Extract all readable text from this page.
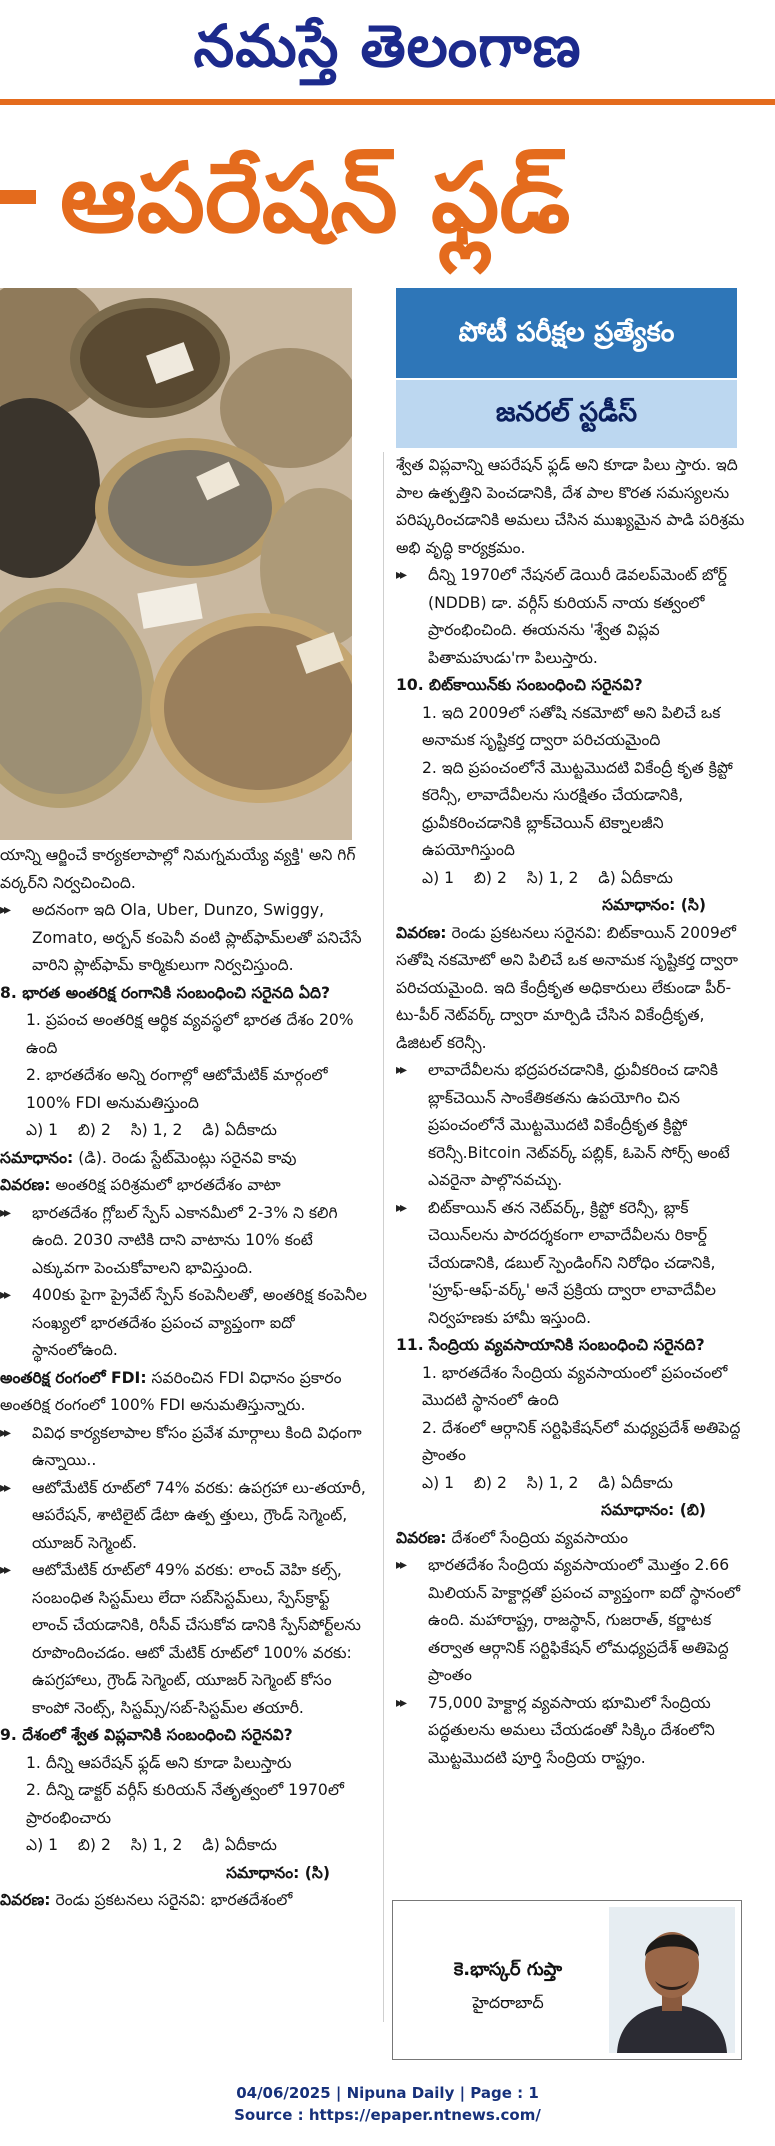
నమస్తే తెలంగాణ
ఆపరేషన్ ఫ్లడ్
పోటీ పరీక్షల ప్రత్యేకం
జనరల్ స్టడీస్

యాన్ని ఆర్జించే కార్యకలాపాల్లో నిమగ్నమయ్యే వ్యక్తి' అని గిగ్ వర్కర్‌ని నిర్వచించింది.

▸▸ అదనంగా ఇది Ola, Uber, Dunzo, Swiggy, Zomato, అర్బన్ కంపెనీ వంటి ప్లాట్‌ఫామ్‌లతో పనిచేసే వారిని ప్లాట్‌ఫామ్ కార్మికులుగా నిర్వచిస్తుంది.

8. భారత అంతరిక్ష రంగానికి సంబంధించి సరైనది ఏది?

1. ప్రపంచ అంతరిక్ష ఆర్థిక వ్యవస్థలో భారత దేశం 20% ఉంది

2. భారతదేశం అన్ని రంగాల్లో ఆటోమేటిక్ మార్గంలో 100% FDI అనుమతిస్తుంది

ఎ) 1    బి) 2    సి) 1, 2    డి) ఏదీకాదు

సమాధానం: (డి). రెండు స్టేట్‌మెంట్లు సరైనవి కావు

వివరణ: అంతరిక్ష పరిశ్రమలో భారతదేశం వాటా

▸▸ భారతదేశం గ్లోబల్ స్పేస్ ఎకానమీలో 2-3% ని కలిగి ఉంది. 2030 నాటికి దాని వాటాను 10% కంటే ఎక్కువగా పెంచుకోవాలని భావిస్తుంది.

▸▸ 400కు పైగా ప్రైవేట్ స్పేస్ కంపెనీలతో, అంతరిక్ష కంపెనీల సంఖ్యలో భారతదేశం ప్రపంచ వ్యాప్తంగా ఐదో స్థానంలోఉంది.

అంతరిక్ష రంగంలో FDI: సవరించిన FDI విధానం ప్రకారం అంతరిక్ష రంగంలో 100% FDI అనుమతిస్తున్నారు.

▸▸ వివిధ కార్యకలాపాల కోసం ప్రవేశ మార్గాలు కింది విధంగా ఉన్నాయి..

▸▸ ఆటోమేటిక్ రూట్‌లో 74% వరకు: ఉపగ్రహా లు-తయారీ, ఆపరేషన్, శాటిలైట్ డేటా ఉత్ప త్తులు, గ్రౌండ్ సెగ్మెంట్, యూజర్ సెగ్మెంట్.

▸▸ ఆటోమేటిక్ రూట్‌లో 49% వరకు: లాంచ్ వెహి కల్స్, సంబంధిత సిస్టమ్‌లు లేదా సబ్‌సిస్టమ్‌లు, స్పేస్‌క్రాఫ్ట్ లాంచ్ చేయడానికి, రిసీవ్ చేసుకోవ డానికి స్పేస్‌పోర్ట్‌లను రూపొందించడం. ఆటో మేటిక్ రూట్‌లో 100% వరకు: ఉపగ్రహాలు, గ్రౌండ్ సెగ్మెంట్, యూజర్ సెగ్మెంట్ కోసం కాంపో నెంట్స్, సిస్టమ్స్/సబ్-సిస్టమ్‌ల తయారీ.

9. దేశంలో శ్వేత విప్లవానికి సంబంధించి సరైనవి?

1. దీన్ని ఆపరేషన్ ఫ్లడ్ అని కూడా పిలుస్తారు

2. దీన్ని డాక్టర్ వర్గీస్ కురియన్ నేతృత్వంలో 1970లో ప్రారంభించారు

ఎ) 1    బి) 2    సి) 1, 2    డి) ఏదీకాదు

సమాధానం: (సి)

వివరణ: రెండు ప్రకటనలు సరైనవి: భారతదేశంలో

శ్వేత విప్లవాన్ని ఆపరేషన్ ఫ్లడ్ అని కూడా పిలు స్తారు. ఇది పాల ఉత్పత్తిని పెంచడానికి, దేశ పాల కొరత సమస్యలను పరిష్కరించడానికి అమలు చేసిన ముఖ్యమైన పాడి పరిశ్రమ అభి వృద్ధి కార్యక్రమం.

▸▸ దీన్ని 1970లో నేషనల్ డెయిరీ డెవలప్‌మెంట్ బోర్డ్ (NDDB) డా. వర్గీస్ కురియన్ నాయ కత్వంలో ప్రారంభించింది. ఈయనను 'శ్వేత విప్లవ పితామహుడు'గా పిలుస్తారు.

10. బిట్‌కాయిన్‌కు సంబంధించి సరైనవి?

1. ఇది 2009లో సతోషి నకమోటో అని పిలిచే ఒక అనామక సృష్టికర్త ద్వారా పరిచయమైంది

2. ఇది ప్రపంచంలోనే మొట్టమొదటి వికేంద్రీ కృత క్రిప్టో కరెన్సీ, లావాదేవీలను సురక్షితం చేయడానికి, ధ్రువీకరించడానికి బ్లాక్‌చెయిన్ టెక్నాలజీని ఉపయోగిస్తుంది

ఎ) 1    బి) 2    సి) 1, 2    డి) ఏదీకాదు

సమాధానం: (సి)

వివరణ: రెండు ప్రకటనలు సరైనవి: బిట్‌కాయిన్ 2009లో సతోషి నకమోటో అని పిలిచే ఒక అనామక సృష్టికర్త ద్వారా పరిచయమైంది. ఇది కేంద్రీకృత అధికారులు లేకుండా పీర్-టు-పీర్ నెట్‌వర్క్ ద్వారా మార్పిడి చేసిన వికేంద్రీకృత, డిజిటల్ కరెన్సీ.

▸▸ లావాదేవీలను భద్రపరచడానికి, ధ్రువీకరించ డానికి బ్లాక్‌చెయిన్ సాంకేతికతను ఉపయోగిం చిన ప్రపంచంలోనే మొట్టమొదటి వికేంద్రీకృత క్రిప్టో కరెన్సీ.Bitcoin నెట్‌వర్క్ పబ్లిక్, ఓపెన్ సోర్స్ అంటే ఎవరైనా పాల్గొనవచ్చు.

▸▸ బిట్‌కాయిన్ తన నెట్‌వర్క్, క్రిప్టో కరెన్సీ, బ్లాక్ చెయిన్‌లను పారదర్శకంగా లావాదేవీలను రికార్డ్ చేయడానికి, డబుల్ స్పెండింగ్‌ని నిరోధిం చడానికి, 'ప్రూఫ్-ఆఫ్-వర్క్' అనే ప్రక్రియ ద్వారా లావాదేవీల నిర్వహణకు హామీ ఇస్తుంది.

11. సేంద్రియ వ్యవసాయానికి సంబంధించి సరైనది?

1. భారతదేశం సేంద్రియ వ్యవసాయంలో ప్రపంచంలో మొదటి స్థానంలో ఉంది

2. దేశంలో ఆర్గానిక్ సర్టిఫికేషన్‌లో మధ్యప్రదేశ్ అతిపెద్ద ప్రాంతం

ఎ) 1    బి) 2    సి) 1, 2    డి) ఏదీకాదు

సమాధానం: (బి)

వివరణ: దేశంలో సేంద్రియ వ్యవసాయం

▸▸ భారతదేశం సేంద్రియ వ్యవసాయంలో మొత్తం 2.66 మిలియన్ హెక్టార్లతో ప్రపంచ వ్యాప్తంగా ఐదో స్థానంలో ఉంది. మహారాష్ట్ర, రాజస్థాన్, గుజరాత్, కర్ణాటక తర్వాత ఆర్గానిక్ సర్టిఫికేషన్ లోమధ్యప్రదేశ్ అతిపెద్ద ప్రాంతం

▸▸ 75,000 హెక్టార్ల వ్యవసాయ భూమిలో సేంద్రియ పద్ధతులను అమలు చేయడంతో సిక్కిం దేశంలోని మొట్టమొదటి పూర్తి సేంద్రియ రాష్ట్రం.

కె.భాస్కర్ గుప్తా
హైదరాబాద్
04/06/2025 | Nipuna Daily | Page : 1
Source : https://epaper.ntnews.com/
